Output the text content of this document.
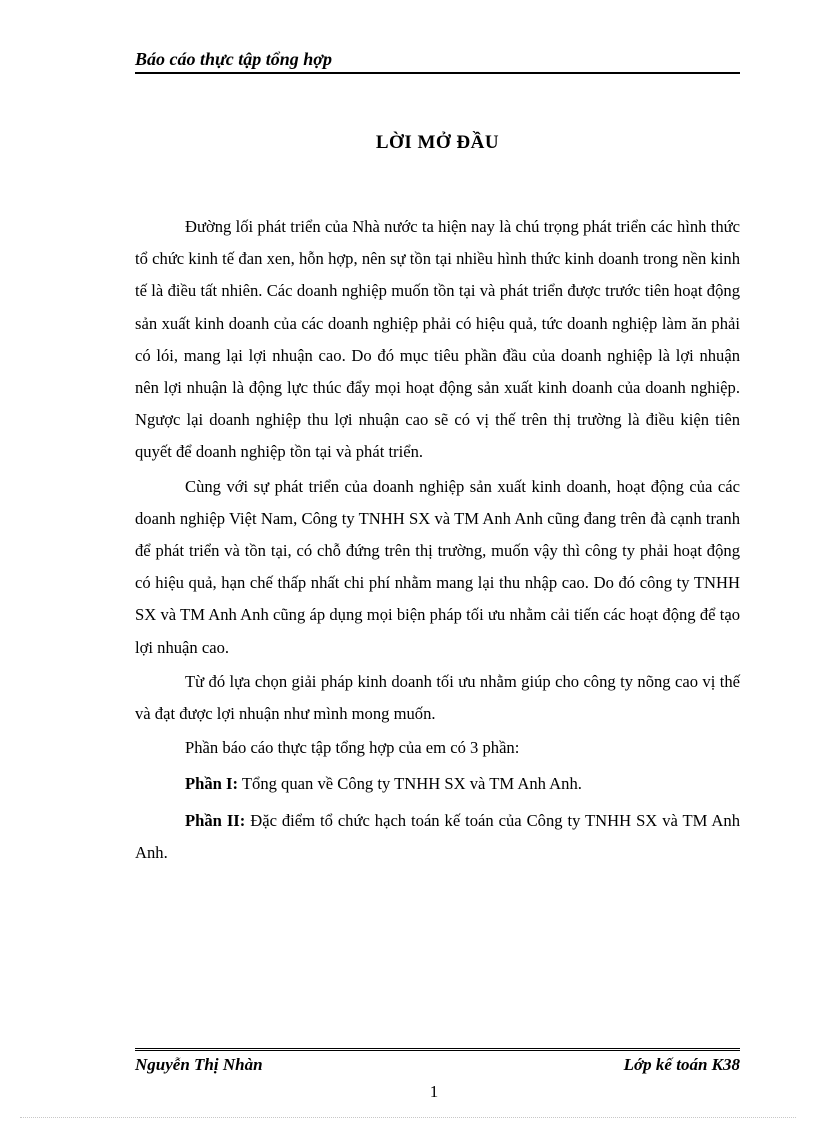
Báo cáo thực tập tổng hợp
LỜI MỞ ĐẦU

Đường lối phát triển của Nhà nước ta hiện nay là chú trọng phát triển các hình thức tổ chức kinh tế đan xen, hỗn hợp, nên sự tồn tại nhiều hình thức kinh doanh trong nền kinh tế là điều tất nhiên. Các doanh nghiệp muốn tồn tại và phát triển được trước tiên hoạt động sản xuất kinh doanh của các doanh nghiệp phải có hiệu quả, tức doanh nghiệp làm ăn phải có lói, mang lại lợi nhuận cao. Do đó mục tiêu phần đầu của doanh nghiệp là lợi nhuận nên lợi nhuận là động lực thúc đẩy mọi hoạt động sản xuất kinh doanh của doanh nghiệp. Ngược lại doanh nghiệp thu lợi nhuận cao sẽ có vị thế trên thị trường là điều kiện tiên quyết để doanh nghiệp tồn tại và phát triển.

Cùng với sự phát triển của doanh nghiệp sản xuất kinh doanh, hoạt động của các doanh nghiệp Việt Nam, Công ty TNHH SX và TM Anh Anh cũng đang trên đà cạnh tranh để phát triển và tồn tại, có chỗ đứng trên thị trường, muốn vậy thì công ty phải hoạt động có hiệu quả, hạn chế thấp nhất chi phí nhằm mang lại thu nhập cao. Do đó công ty TNHH SX và TM Anh Anh cũng áp dụng mọi biện pháp tối ưu nhằm cải tiến các hoạt động để tạo lợi nhuận cao.

Từ đó lựa chọn giải pháp kinh doanh tối ưu nhằm giúp cho công ty nõng cao vị thế và đạt được lợi nhuận như mình mong muốn.

Phần báo cáo thực tập tổng hợp của em có 3 phần:

Phần I: Tổng quan về Công ty TNHH SX và TM Anh Anh.

Phần II: Đặc điểm tổ chức hạch toán kế toán của Công ty TNHH SX và TM Anh Anh.

Nguyễn Thị Nhàn	Lớp kế toán K38
1
